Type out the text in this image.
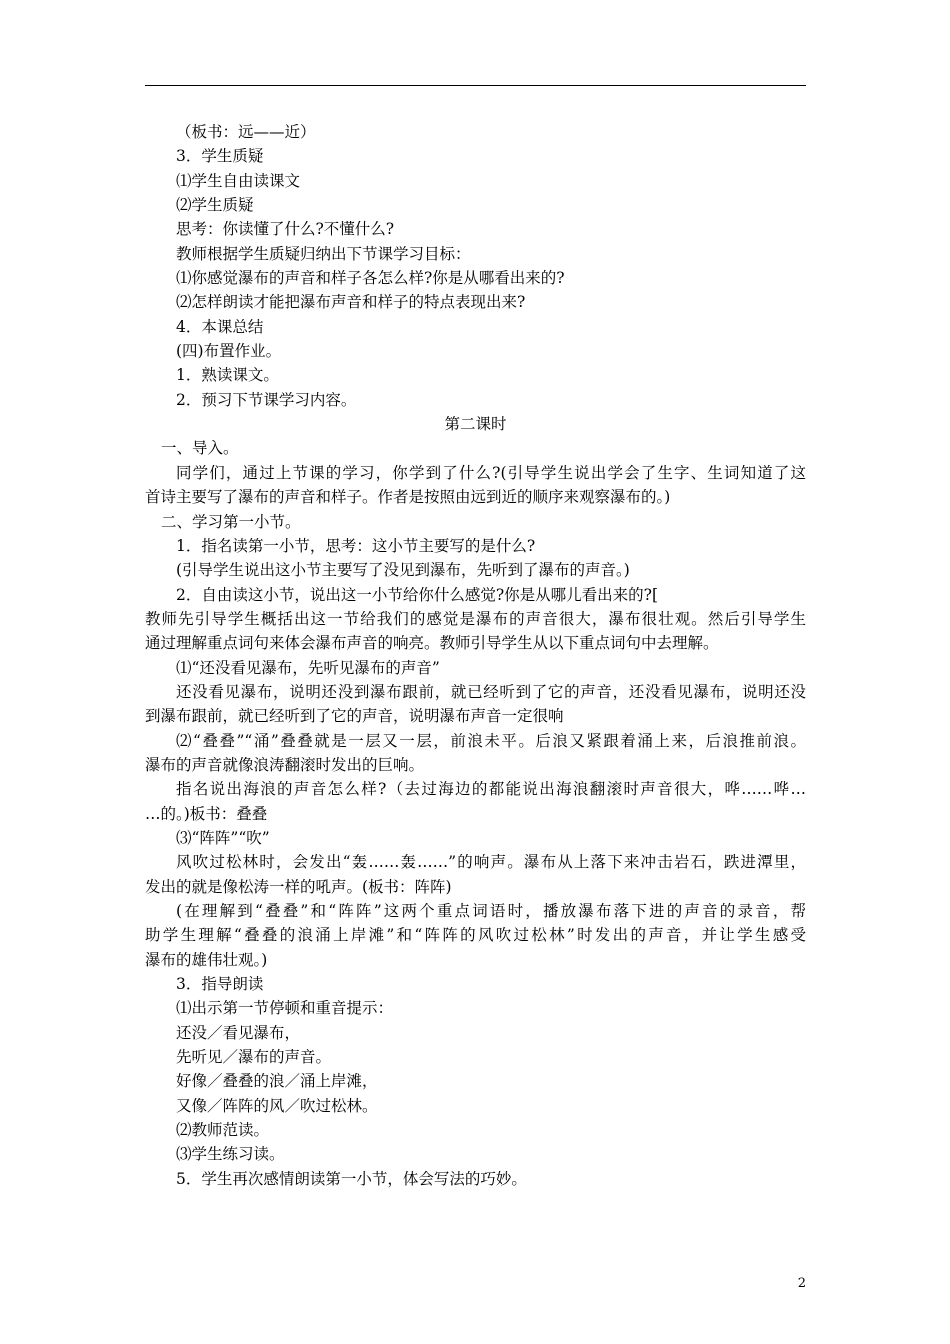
（板书：远——近）
3．学生质疑
⑴学生自由读课文
⑵学生质疑
思考：你读懂了什么?不懂什么?
教师根据学生质疑归纳出下节课学习目标：
⑴你感觉瀑布的声音和样子各怎么样?你是从哪看出来的?
⑵怎样朗读才能把瀑布声音和样子的特点表现出来?
4．本课总结
(四)布置作业。
1．熟读课文。
2．预习下节课学习内容。
第二课时
一、导入。
同学们，通过上节课的学习，你学到了什么?(引导学生说出学会了生字、生词知道了这
首诗主要写了瀑布的声音和样子。作者是按照由远到近的顺序来观察瀑布的。)
二、学习第一小节。
1．指名读第一小节，思考：这小节主要写的是什么?
(引导学生说出这小节主要写了没见到瀑布，先听到了瀑布的声音。)
2．自由读这小节，说出这一小节给你什么感觉?你是从哪儿看出来的?[
教师先引导学生概括出这一节给我们的感觉是瀑布的声音很大，瀑布很壮观。然后引导学生
通过理解重点词句来体会瀑布声音的响亮。教师引导学生从以下重点词句中去理解。
⑴“还没看见瀑布，先听见瀑布的声音”
还没看见瀑布，说明还没到瀑布跟前，就已经听到了它的声音，还没看见瀑布，说明还没
到瀑布跟前，就已经听到了它的声音，说明瀑布声音一定很响
⑵“叠叠”“涌”叠叠就是一层又一层，前浪未平。后浪又紧跟着涌上来，后浪推前浪。
瀑布的声音就像浪涛翻滚时发出的巨响。
指名说出海浪的声音怎么样?（去过海边的都能说出海浪翻滚时声音很大，哗……哗…
…的。)板书：叠叠
⑶“阵阵”“吹”
风吹过松林时，会发出“轰……轰……”的响声。瀑布从上落下来冲击岩石，跌进潭里，
发出的就是像松涛一样的吼声。(板书：阵阵)
(在理解到“叠叠”和“阵阵”这两个重点词语时，播放瀑布落下进的声音的录音，帮
助学生理解“叠叠的浪涌上岸滩”和“阵阵的风吹过松林”时发出的声音，并让学生感受
瀑布的雄伟壮观。)
3．指导朗读
⑴出示第一节停顿和重音提示：
还没／看见瀑布，
先听见／瀑布的声音。
好像／叠叠的浪／涌上岸滩，
又像／阵阵的风／吹过松林。
⑵教师范读。
⑶学生练习读。
5．学生再次感情朗读第一小节，体会写法的巧妙。
2
